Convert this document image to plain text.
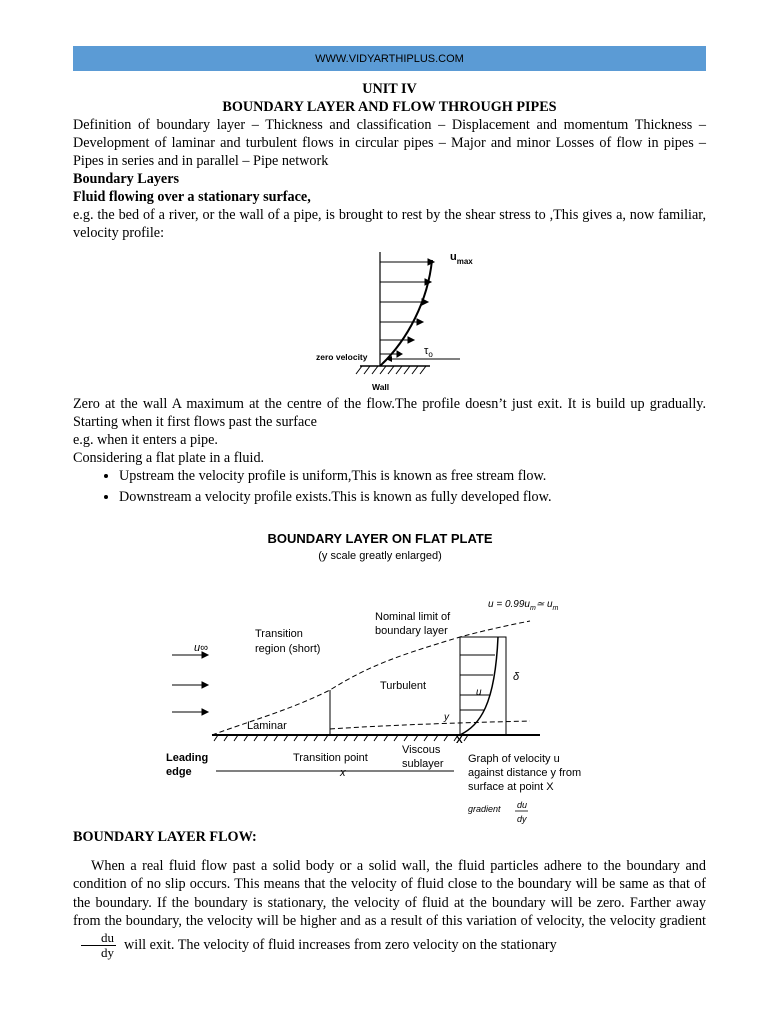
WWW.VIDYARTHIPLUS.COM
UNIT IV
BOUNDARY LAYER AND FLOW THROUGH PIPES

Definition of boundary layer – Thickness and classification – Displacement and momentum Thickness – Development of laminar and turbulent flows in circular pipes – Major and minor Losses of flow in pipes – Pipes in series and in parallel – Pipe network

Boundary Layers

Fluid flowing over a stationary surface,

e.g. the bed of a river, or the wall of a pipe, is brought to rest by the shear stress to ,This gives a, now familiar, velocity profile:

$u_{max}$
zero velocity	$\tau_o$
Wall

Zero at the wall A maximum at the centre of the flow.The profile doesn’t just exit. It is build up gradually. Starting when it first flows past the surface

e.g. when it enters a pipe.

Considering a flat plate in a fluid.

• Upstream the velocity profile is uniform,This is known as free stream flow.
• Downstream a velocity profile exists.This is known as fully developed flow.
BOUNDARY LAYER ON FLAT PLATE
(y scale greatly enlarged)
u∞
δ
u
y
$u = 0.99u_m≃$ $u_m$
Nominal limit of
boundary layer
Transition
region (short)
Turbulent
Laminar
Leading
edge
Transition point
Viscous
sublayer
X
x
Graph of velocity u
against distance y from
surface at point X
gradient du
dy

BOUNDARY LAYER FLOW:

When a real fluid flow past a solid body or a solid wall, the fluid particles adhere to the boundary and condition of no slip occurs. This means that the velocity of fluid close to the boundary will be same as that of the boundary. If the boundary is stationary, the velocity of fluid at the boundary will be zero. Farther away from the boundary, the velocity will be higher and as a result of this variation of velocity, the velocity gradient
$\frac{du}{dy}$ will exit. The velocity of fluid increases from zero velocity on the stationary
